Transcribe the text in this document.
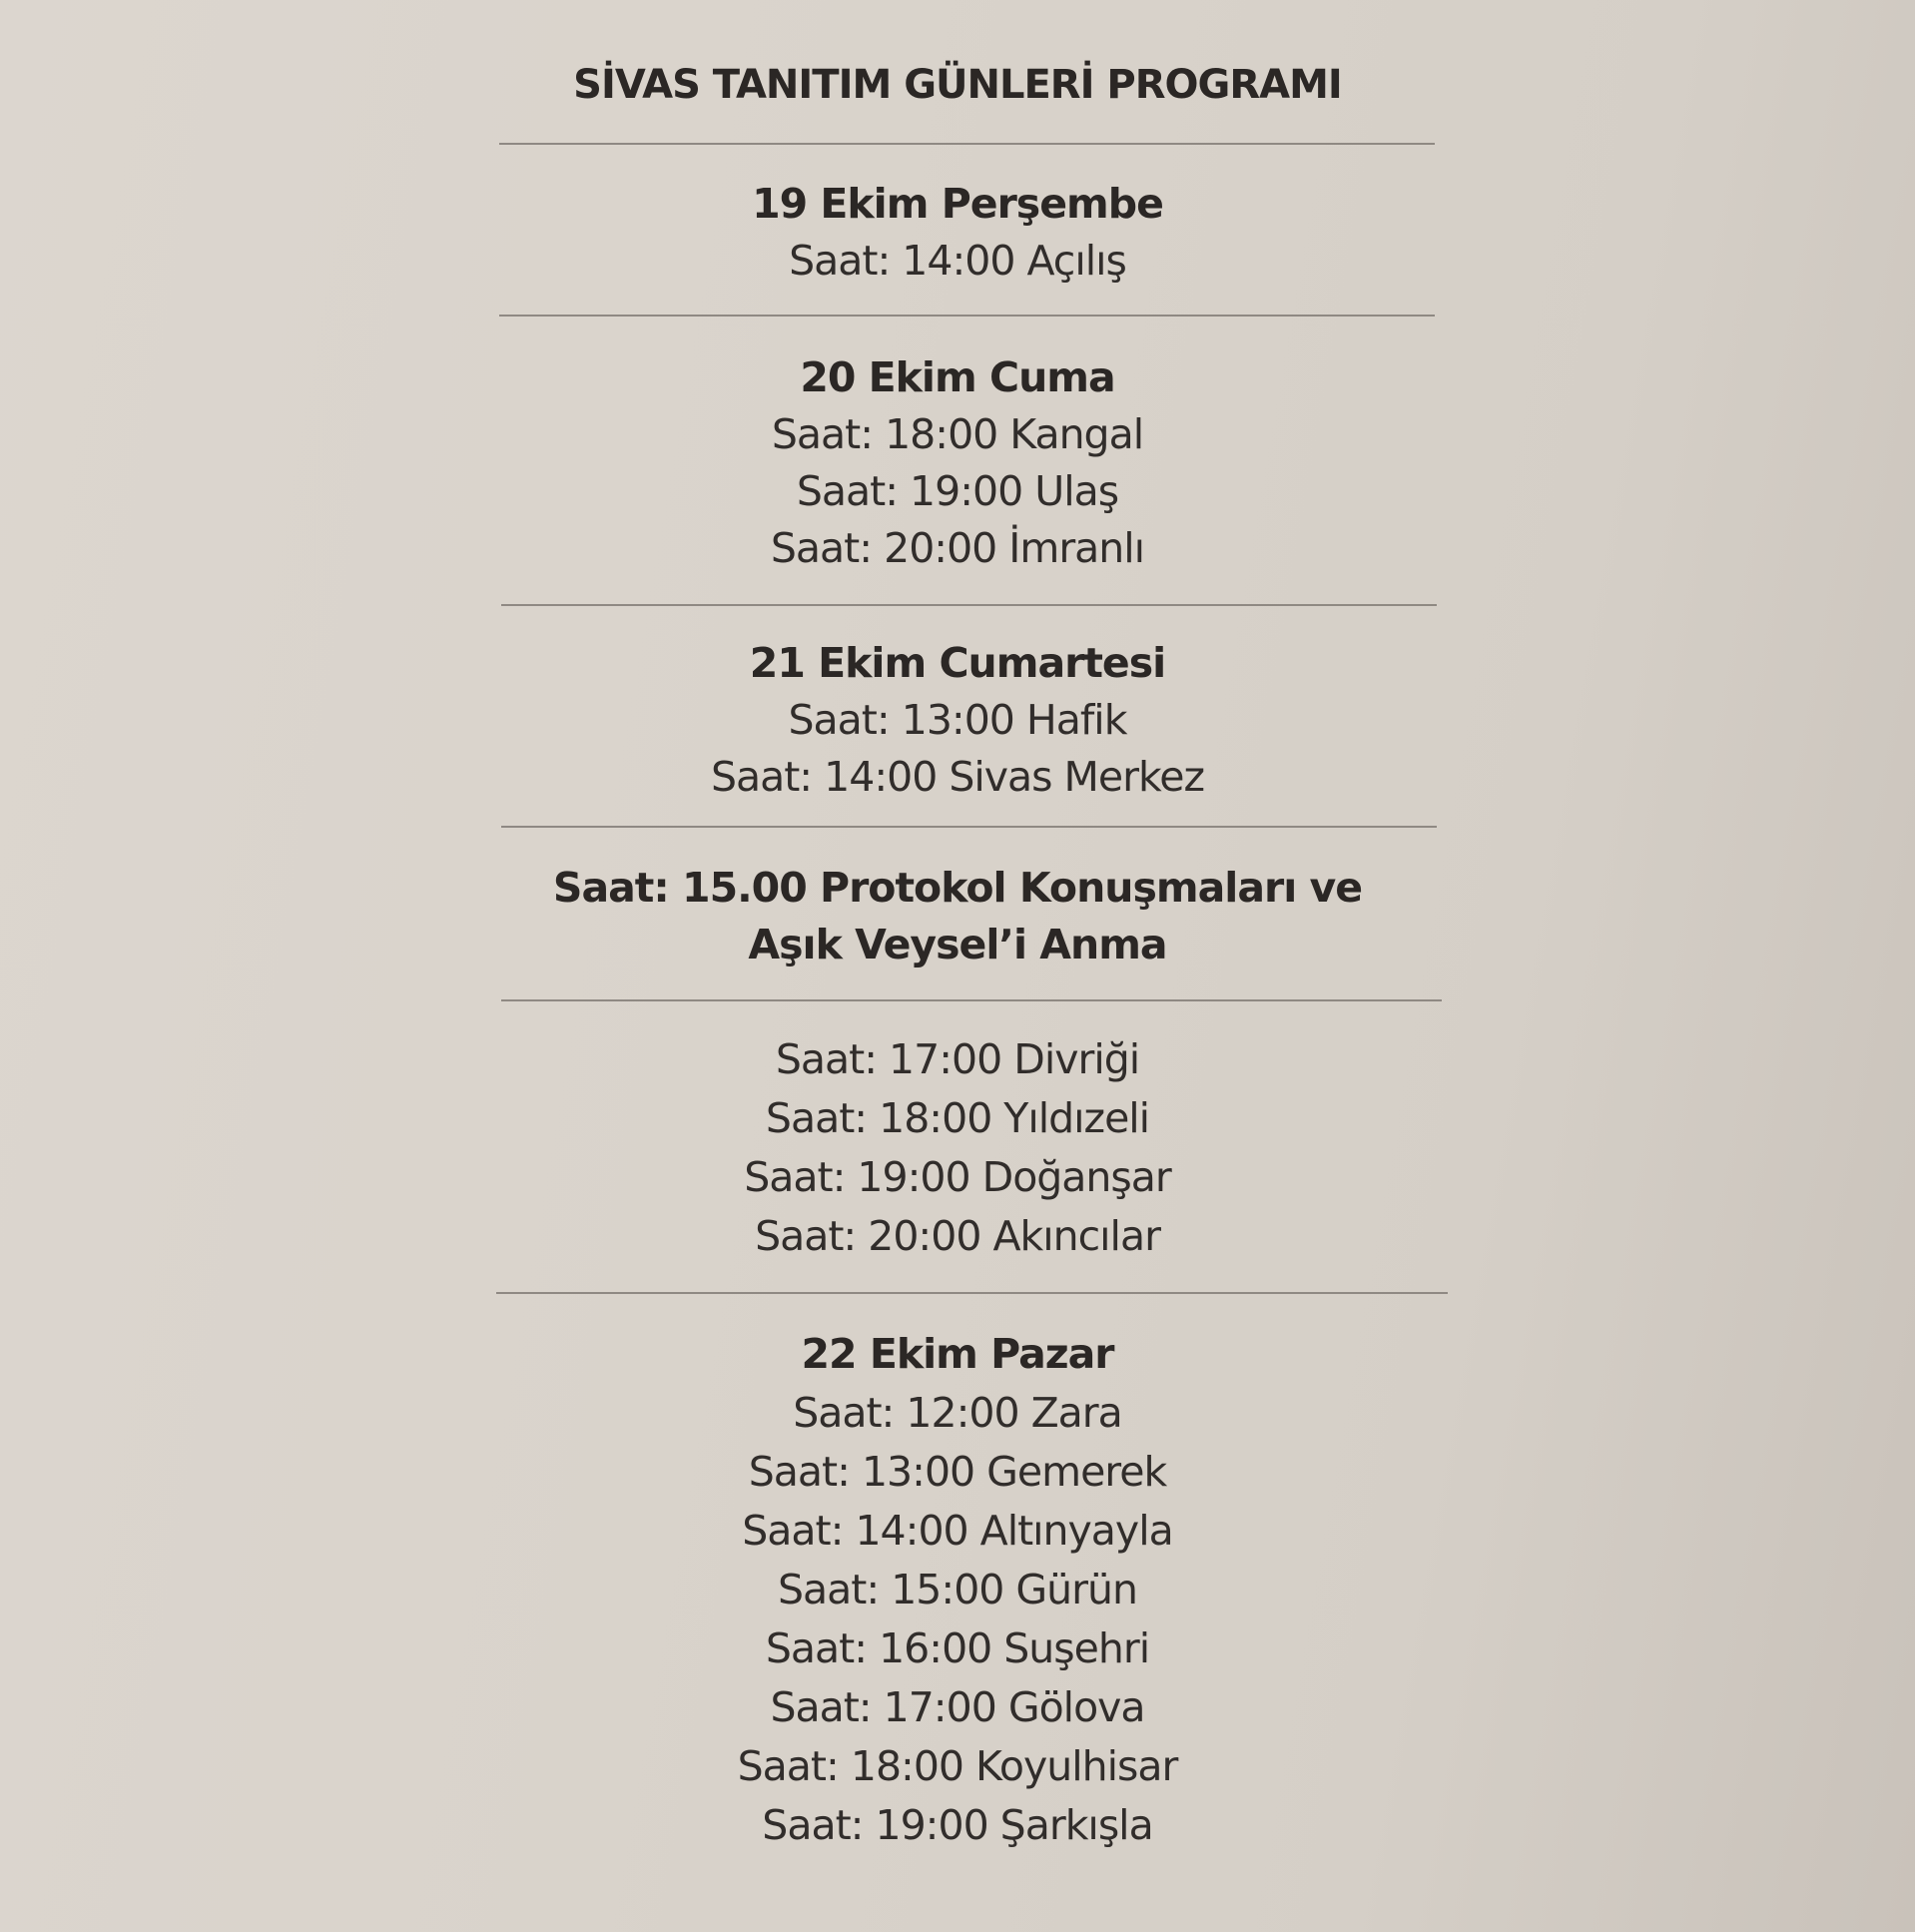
SİVAS TANITIM GÜNLERİ PROGRAMI
19 Ekim Perşembe
Saat: 14:00 Açılış
20 Ekim Cuma
Saat: 18:00 Kangal
Saat: 19:00 Ulaş
Saat: 20:00 İmranlı
21 Ekim Cumartesi
Saat: 13:00 Hafik
Saat: 14:00 Sivas Merkez
Saat: 15.00 Protokol Konuşmaları ve
Aşık Veysel’i Anma
Saat: 17:00 Divriği
Saat: 18:00 Yıldızeli
Saat: 19:00 Doğanşar
Saat: 20:00 Akıncılar
22 Ekim Pazar
Saat: 12:00 Zara
Saat: 13:00 Gemerek
Saat: 14:00 Altınyayla
Saat: 15:00 Gürün
Saat: 16:00 Suşehri
Saat: 17:00 Gölova
Saat: 18:00 Koyulhisar
Saat: 19:00 Şarkışla
